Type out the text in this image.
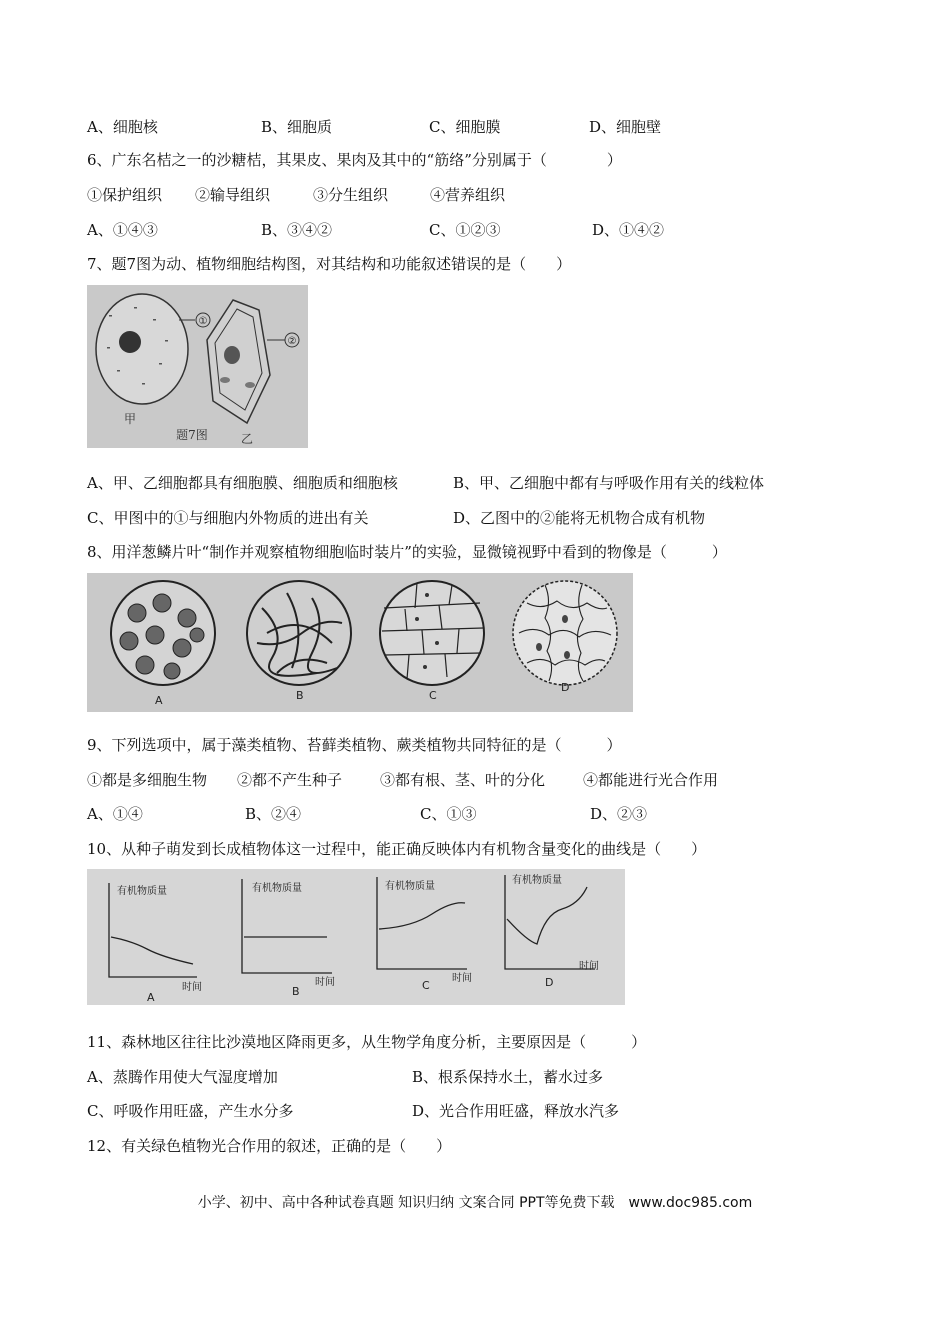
A、细胞核	B、细胞质	C、细胞膜	D、细胞壁
6、广东名桔之一的沙糖桔，其果皮、果肉及其中的“筋络”分别属于（　　　　）
①保护组织 ②输导组织	③分生组织	④营养组织
A、①④③	B、③④②	C、①②③	D、①④②
7、题7图为动、植物细胞结构图，对其结构和功能叙述错误的是（　　）
①
②
甲
题7图	乙
A、甲、乙细胞都具有细胞膜、细胞质和细胞核	B、甲、乙细胞中都有与呼吸作用有关的线粒体
C、甲图中的①与细胞内外物质的进出有关	D、乙图中的②能将无机物合成有机物
8、用洋葱鳞片叶“制作并观察植物细胞临时装片”的实验，显微镜视野中看到的物像是（　　　）
A	B	C
D
9、下列选项中，属于藻类植物、苔藓类植物、蕨类植物共同特征的是（　　　）
①都是多细胞生物 ②都不产生种子	③都有根、茎、叶的分化	④都能进行光合作用
A、①④	B、②④	C、①③	D、②③
10、从种子萌发到长成植物体这一过程中，能正确反映体内有机物含量变化的曲线是（　　）
有机物质量	有机物质量	有机物质量
有机物质量
时间	时间	时间
时间
A	B	C	D
11、森林地区往往比沙漠地区降雨更多，从生物学角度分析，主要原因是（　　　）
A、蒸腾作用使大气湿度增加	B、根系保持水土，蓄水过多
C、呼吸作用旺盛，产生水分多	D、光合作用旺盛，释放水汽多
12、有关绿色植物光合作用的叙述，正确的是（　　）
小学、初中、高中各种试卷真题 知识归纳 文案合同 PPT等免费下载　www.doc985.com
